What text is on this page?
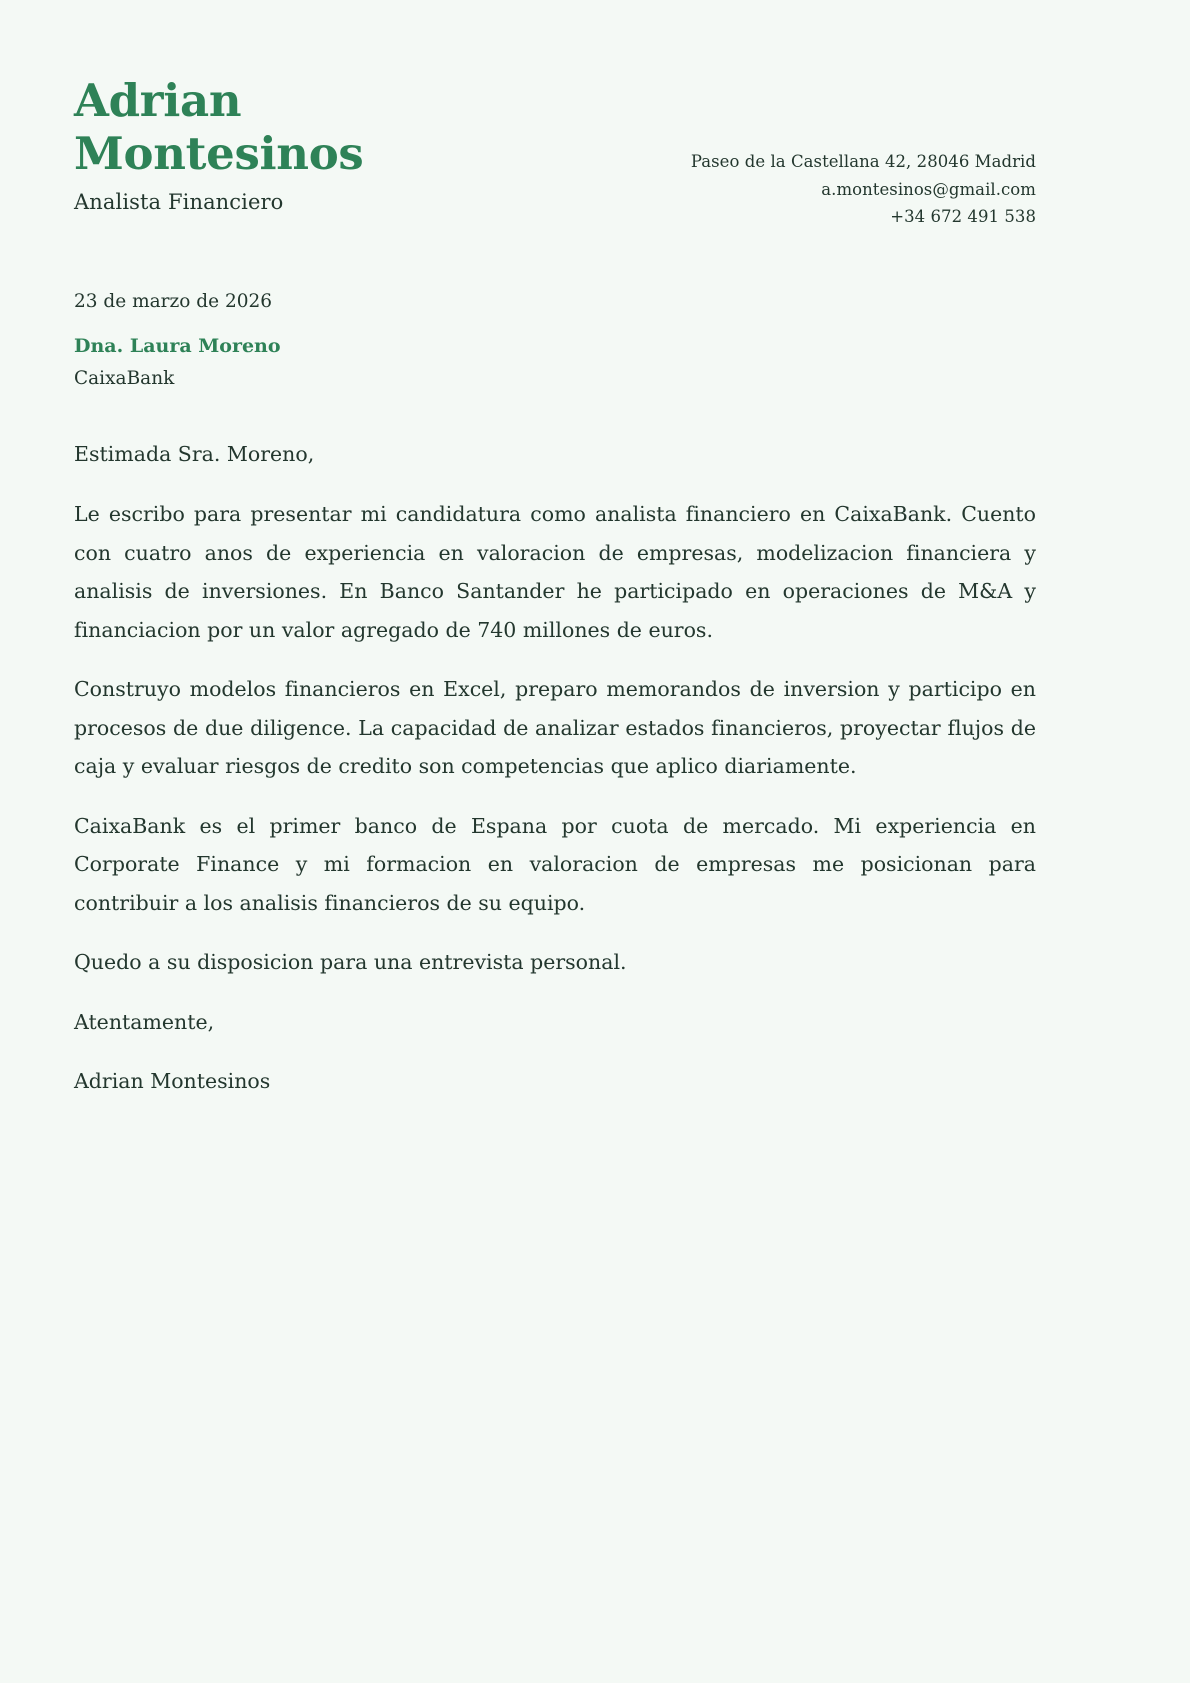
Adrian Montesinos
Analista Financiero
Paseo de la Castellana 42, 28046 Madrid
a.montesinos@gmail.com
+34 672 491 538
23 de marzo de 2026
Dna. Laura Moreno
CaixaBank

Estimada Sra. Moreno,

Le escribo para presentar mi candidatura como analista financiero en CaixaBank. Cuento con cuatro anos de experiencia en valoracion de empresas, modelizacion financiera y analisis de inversiones. En Banco Santander he participado en operaciones de M&A y financiacion por un valor agregado de 740 millones de euros.

Construyo modelos financieros en Excel, preparo memorandos de inversion y participo en procesos de due diligence. La capacidad de analizar estados financieros, proyectar flujos de caja y evaluar riesgos de credito son competencias que aplico diariamente.

CaixaBank es el primer banco de Espana por cuota de mercado. Mi experiencia en Corporate Finance y mi formacion en valoracion de empresas me posicionan para contribuir a los analisis financieros de su equipo.

Quedo a su disposicion para una entrevista personal.

Atentamente,

Adrian Montesinos
